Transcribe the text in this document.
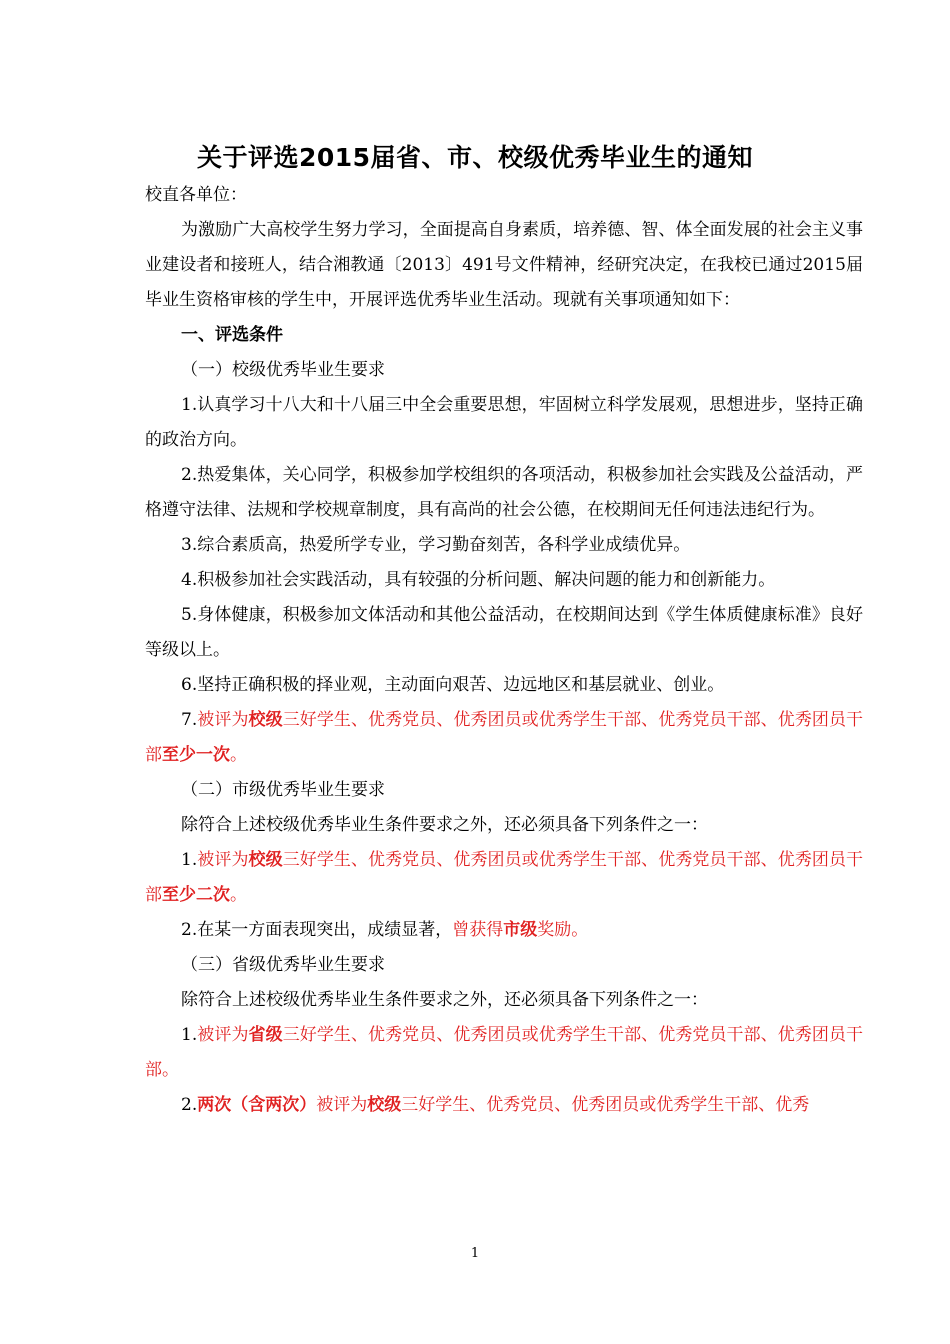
关于评选2015届省、市、校级优秀毕业生的通知

校直各单位：

为激励广大高校学生努力学习，全面提高自身素质，培养德、智、体全面发展的社会主义事业建设者和接班人，结合湘教通〔2013〕491号文件精神，经研究决定，在我校已通过2015届毕业生资格审核的学生中，开展评选优秀毕业生活动。现就有关事项通知如下：

一、评选条件

（一）校级优秀毕业生要求

1.认真学习十八大和十八届三中全会重要思想，牢固树立科学发展观，思想进步，坚持正确的政治方向。

2.热爱集体，关心同学，积极参加学校组织的各项活动，积极参加社会实践及公益活动，严格遵守法律、法规和学校规章制度，具有高尚的社会公德，在校期间无任何违法违纪行为。

3.综合素质高，热爱所学专业，学习勤奋刻苦，各科学业成绩优异。

4.积极参加社会实践活动，具有较强的分析问题、解决问题的能力和创新能力。

5.身体健康，积极参加文体活动和其他公益活动，在校期间达到《学生体质健康标准》良好等级以上。

6.坚持正确积极的择业观，主动面向艰苦、边远地区和基层就业、创业。

7.被评为校级三好学生、优秀党员、优秀团员或优秀学生干部、优秀党员干部、优秀团员干部至少一次。

（二）市级优秀毕业生要求

除符合上述校级优秀毕业生条件要求之外，还必须具备下列条件之一：

1.被评为校级三好学生、优秀党员、优秀团员或优秀学生干部、优秀党员干部、优秀团员干部至少二次。

2.在某一方面表现突出，成绩显著，曾获得市级奖励。

（三）省级优秀毕业生要求

除符合上述校级优秀毕业生条件要求之外，还必须具备下列条件之一：

1.被评为省级三好学生、优秀党员、优秀团员或优秀学生干部、优秀党员干部、优秀团员干部。

2.两次（含两次）被评为校级三好学生、优秀党员、优秀团员或优秀学生干部、优秀

1
